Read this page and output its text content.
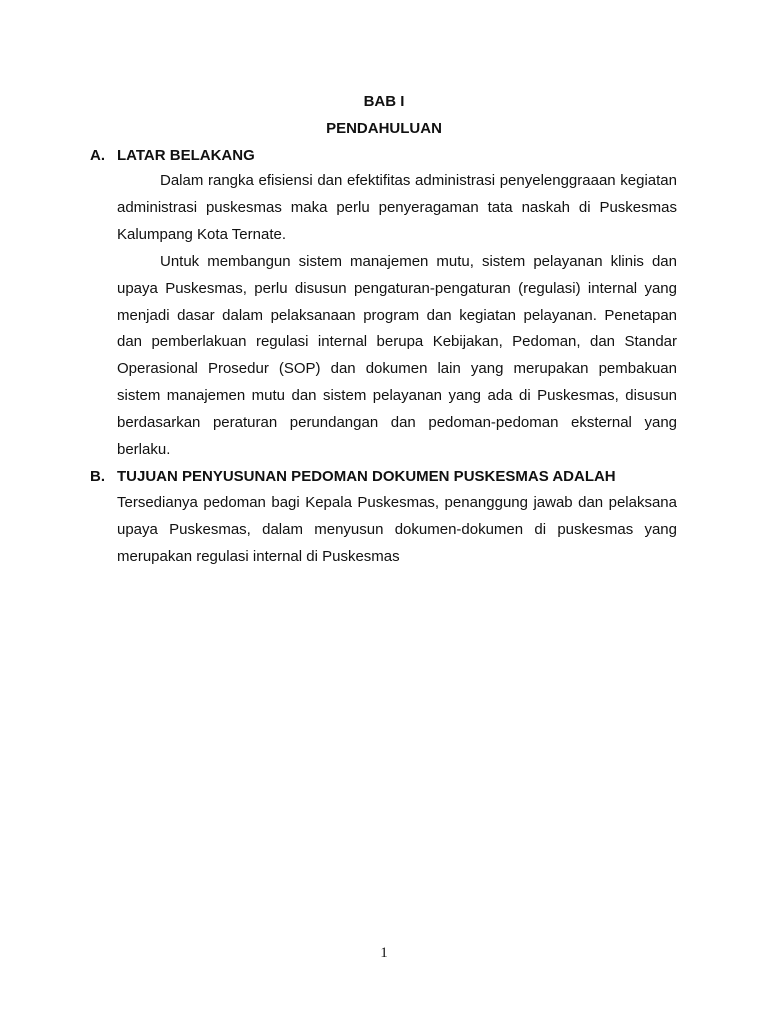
BAB I
PENDAHULUAN
A. LATAR BELAKANG

Dalam rangka efisiensi dan efektifitas administrasi penyelenggraaan kegiatan administrasi puskesmas maka perlu penyeragaman tata naskah di Puskesmas Kalumpang Kota Ternate.

Untuk membangun sistem manajemen mutu, sistem pelayanan klinis dan upaya Puskesmas, perlu disusun pengaturan-pengaturan (regulasi) internal yang menjadi dasar dalam pelaksanaan program dan kegiatan pelayanan. Penetapan dan pemberlakuan regulasi internal berupa Kebijakan, Pedoman, dan Standar Operasional Prosedur (SOP) dan dokumen lain yang merupakan pembakuan sistem manajemen mutu dan sistem pelayanan yang ada di Puskesmas, disusun berdasarkan peraturan perundangan dan pedoman-pedoman eksternal yang berlaku.

B. TUJUAN PENYUSUNAN PEDOMAN DOKUMEN PUSKESMAS ADALAH

Tersedianya pedoman bagi Kepala Puskesmas, penanggung jawab dan pelaksana upaya Puskesmas, dalam menyusun dokumen-dokumen di puskesmas yang merupakan regulasi internal di Puskesmas

1
